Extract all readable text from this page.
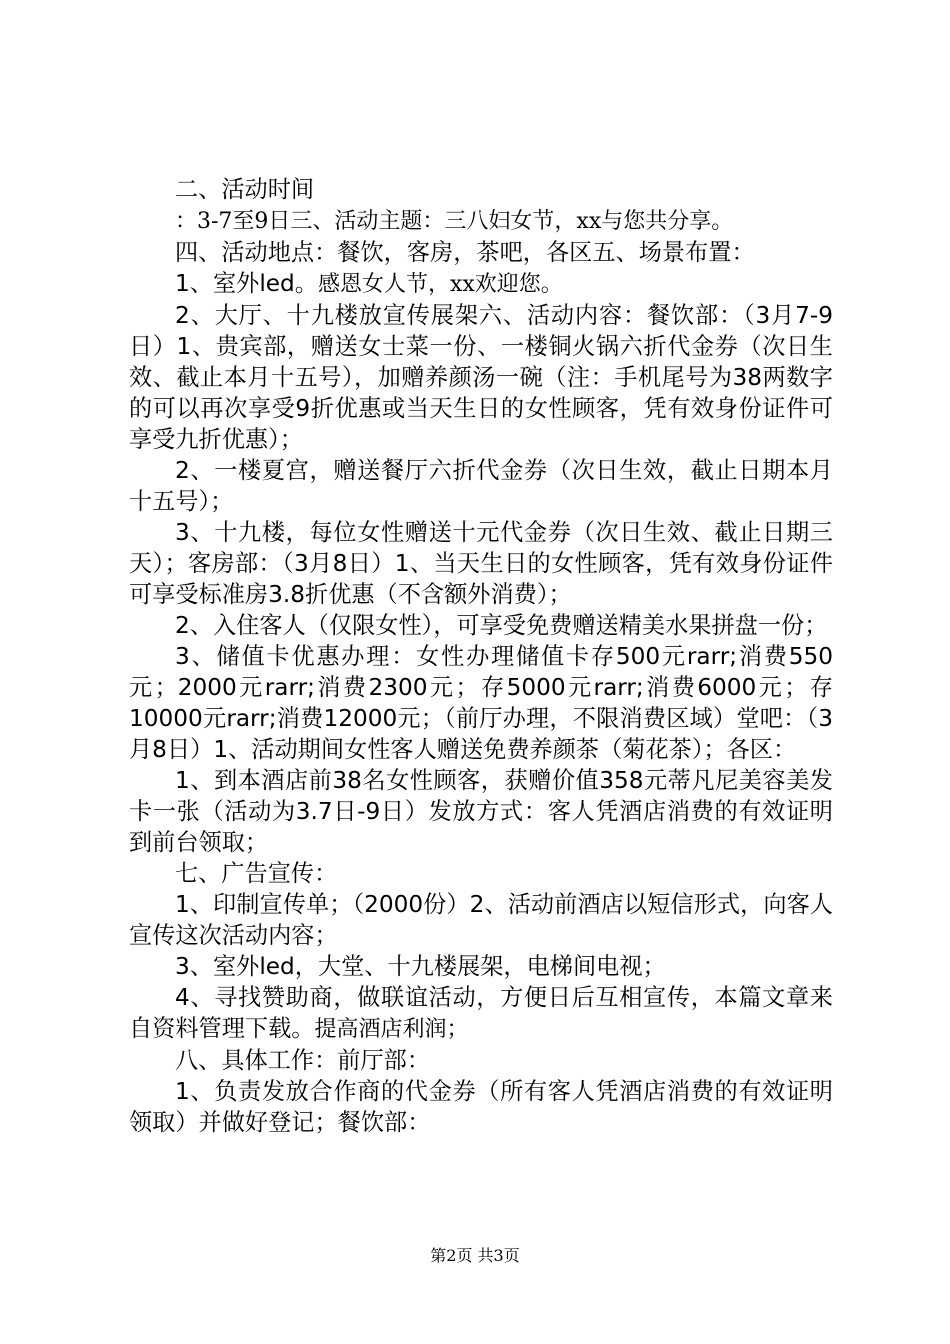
二、活动时间

：3-7至9日三、活动主题：三八妇女节，xx与您共分享。

四、活动地点：餐饮，客房，茶吧，各区五、场景布置：

1、室外led。感恩女人节，xx欢迎您。

2、大厅、十九楼放宣传展架六、活动内容：餐饮部：（3月7-9日）1、贵宾部，赠送女士菜一份、一楼铜火锅六折代金券（次日生效、截止本月十五号），加赠养颜汤一碗（注：手机尾号为38两数字的可以再次享受9折优惠或当天生日的女性顾客，凭有效身份证件可享受九折优惠）；

2、一楼夏宫，赠送餐厅六折代金券（次日生效，截止日期本月十五号）；

3、十九楼，每位女性赠送十元代金券（次日生效、截止日期三天）；客房部：（3月8日）1、当天生日的女性顾客，凭有效身份证件可享受标准房3.8折优惠（不含额外消费）；

2、入住客人（仅限女性），可享受免费赠送精美水果拼盘一份；

3、储值卡优惠办理：女性办理储值卡存500元rarr;消费550元；2000元rarr;消费2300元；存5000元rarr;消费6000元；存10000元rarr;消费12000元；（前厅办理，不限消费区域）堂吧：（3月8日）1、活动期间女性客人赠送免费养颜茶（菊花茶）；各区：

1、到本酒店前38名女性顾客，获赠价值358元蒂凡尼美容美发卡一张（活动为3.7日-9日）发放方式：客人凭酒店消费的有效证明到前台领取；

七、广告宣传：

1、印制宣传单；（2000份）2、活动前酒店以短信形式，向客人宣传这次活动内容；

3、室外led，大堂、十九楼展架，电梯间电视；

4、寻找赞助商，做联谊活动，方便日后互相宣传，本篇文章来自资料管理下载。提高酒店利润；

八、具体工作：前厅部：

1、负责发放合作商的代金券（所有客人凭酒店消费的有效证明领取）并做好登记；餐饮部：

第2页 共3页
